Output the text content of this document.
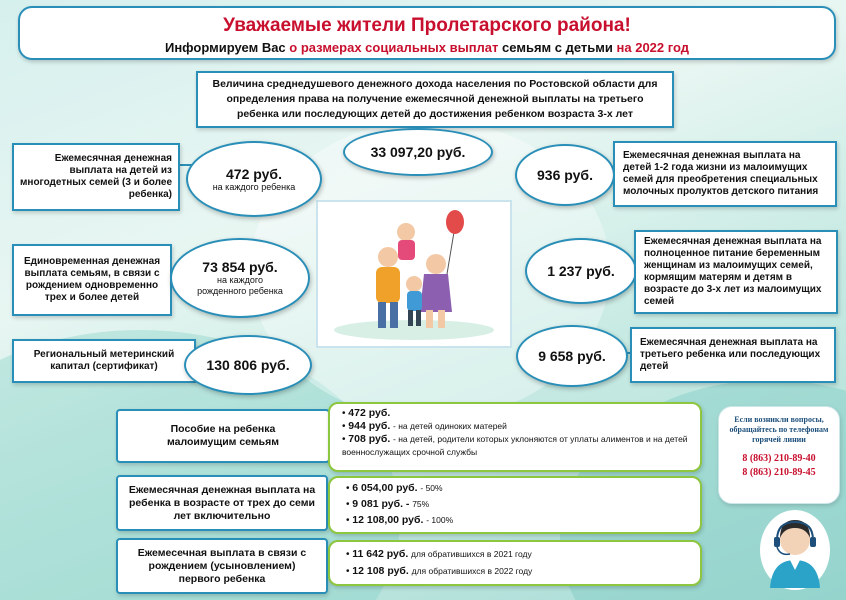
Уважаемые жители Пролетарского района!
Информируем Вас о размерах социальных выплат семьям с детьми на 2022 год
Величина среднедушевого денежного дохода населения по Ростовской области для определения права на получение ежемесячной денежной выплаты на третьего ребенка или последующих детей до достижения ребенком возраста 3-х лет
33 097,20 руб.
Ежемесячная денежная выплата на детей из многодетных семей (3 и более ребенка)
472 руб.
на каждого ребенка
Единовременная денежная выплата семьям, в связи с рождением одновременно трех и более детей
73 854 руб.
на каждого рожденного ребенка
Региональный метеринский капитал (сертификат)	130 806 руб.
936 руб.
Ежемесячная денежная выплата на детей 1-2 года жизни из малоимущих семей для преобретения специальных молочных пролуктов детского питания
1 237 руб.
Ежемесячная денежная выплата на полноценное питание беременным женщинам из малоимущих семей, кормящим матерям и детям в возрасте до 3-х лет из малоимущих семей
9 658 руб.
Ежемесячная денежная выплата на третьего ребенка или последующих детей
Пособие на ребенка малоимущим семьям
• 472 руб.
• 944 руб. - на детей одиноких матерей
• 708 руб. - на детей, родители которых уклоняются от уплаты алиментов и на детей военнослужащих срочной службы
Ежемесячная денежная выплата на ребенка в возрасте от трех до семи лет включительно
• 6 054,00 руб. - 50%
• 9 081 руб. - 75%
• 12 108,00 руб. - 100%
Ежемесечная выплата в связи с рождением (усыновлением) первого ребенка
• 11 642 руб. для обратившихся в 2021 году
• 12 108 руб. для обратившихся в 2022 году
Если возникли вопросы, обращайтесь по телефонам горячей линии
8 (863) 210-89-40
8 (863) 210-89-45
